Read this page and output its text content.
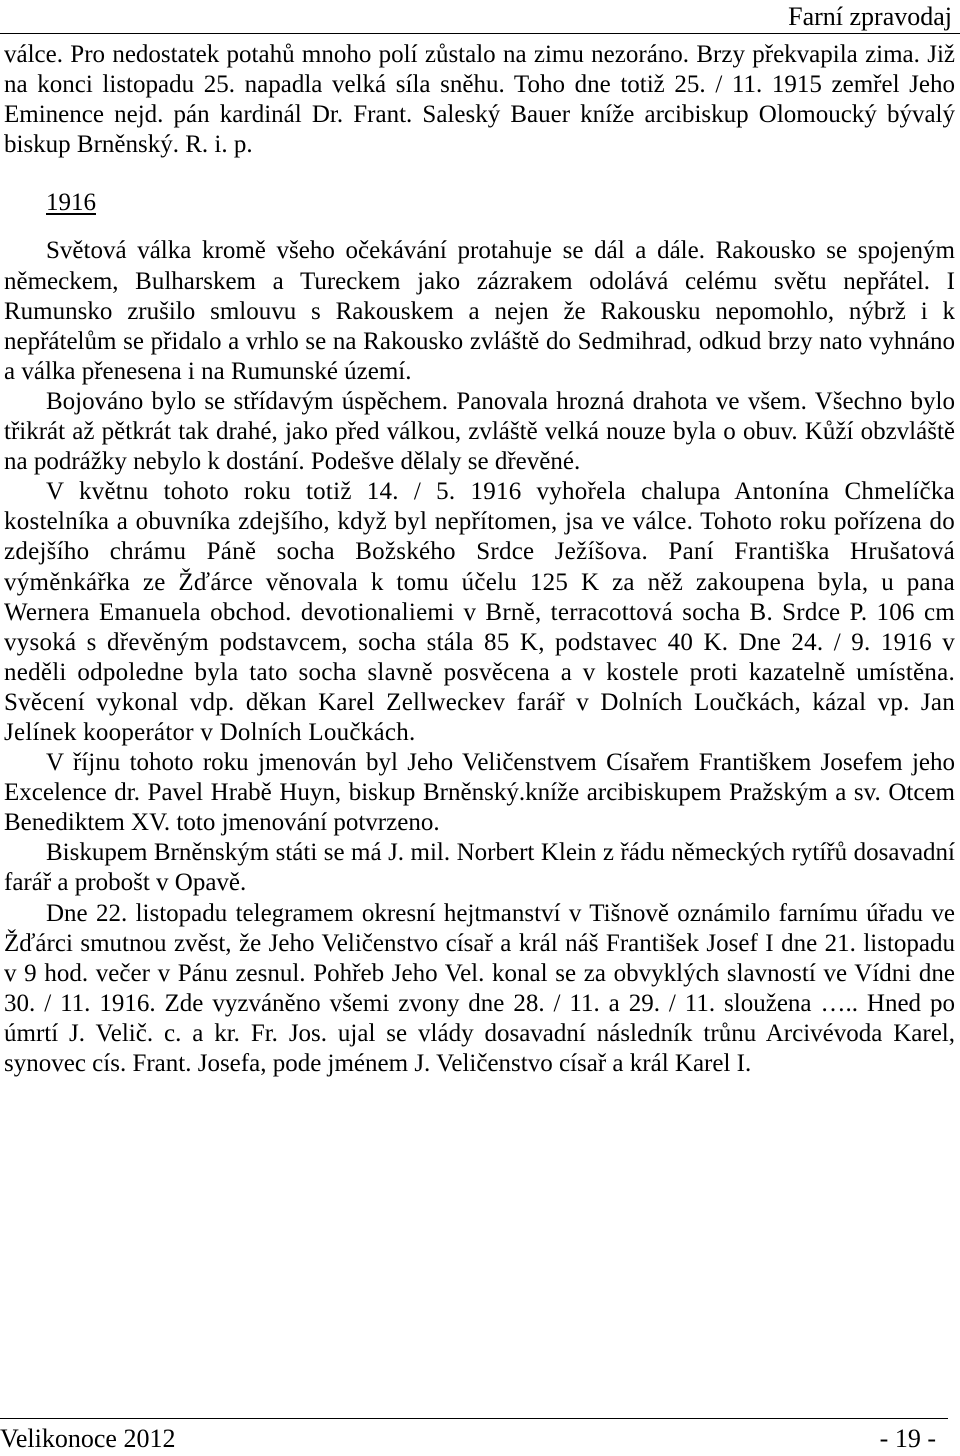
Farní zpravodaj

válce. Pro nedostatek potahů mnoho polí zůstalo na zimu nezoráno. Brzy překvapila zima. Již na konci listopadu 25. napadla velká síla sněhu. Toho dne totiž 25. / 11. 1915 zemřel Jeho Eminence nejd. pán kardinál Dr. Frant. Saleský Bauer kníže arcibiskup Olomoucký bývalý biskup Brněnský. R. i. p.

1916

Světová válka kromě všeho očekávání protahuje se dál a dále. Rakousko se spojeným německem, Bulharskem a Tureckem jako zázrakem odolává celému světu nepřátel. I Rumunsko zrušilo smlouvu s Rakouskem a nejen že Rakousku nepomohlo, nýbrž i k nepřátelům se přidalo a vrhlo se na Rakousko zvláště do Sedmihrad, odkud brzy nato vyhnáno a válka přenesena i na Rumunské území.

Bojováno bylo se střídavým úspěchem. Panovala hrozná drahota ve všem. Všechno bylo třikrát až pětkrát tak drahé, jako před válkou, zvláště velká nouze byla o obuv. Kůží obzvláště na podrážky nebylo k dostání. Podešve dělaly se dřevěné.

V květnu tohoto roku totiž 14. / 5. 1916 vyhořela chalupa Antonína Chmelíčka kostelníka a obuvníka zdejšího, když byl nepřítomen, jsa ve válce. Tohoto roku pořízena do zdejšího chrámu Páně socha Božského Srdce Ježíšova. Paní Františka Hrušatová výměnkářka ze Žďárce věnovala k tomu účelu 125 K za něž zakoupena byla, u pana Wernera Emanuela obchod. devotionaliemi v Brně, terracottová socha B. Srdce P. 106 cm vysoká s dřevěným podstavcem, socha stála 85 K, podstavec 40 K. Dne 24. / 9. 1916 v neděli odpoledne byla tato socha slavně posvěcena a v kostele proti kazatelně umístěna. Svěcení vykonal vdp. děkan Karel Zellweckev farář v Dolních Loučkách, kázal vp. Jan Jelínek kooperátor v Dolních Loučkách.

V říjnu tohoto roku jmenován byl Jeho Veličenstvem Císařem Františkem Josefem jeho Excelence dr. Pavel Hrabě Huyn, biskup Brněnský.kníže arcibiskupem Pražským a sv. Otcem Benediktem XV. toto jmenování potvrzeno.

Biskupem Brněnským státi se má J. mil. Norbert Klein z řádu německých rytířů dosavadní farář a probošt v Opavě.

Dne 22. listopadu telegramem okresní hejtmanství v Tišnově oznámilo farnímu úřadu ve Žďárci smutnou zvěst, že Jeho Veličenstvo císař a král náš František Josef I dne 21. listopadu v 9 hod. večer v Pánu zesnul. Pohřeb Jeho Vel. konal se za obvyklých slavností ve Vídni dne 30. / 11. 1916. Zde vyzváněno všemi zvony dne 28. / 11. a 29. / 11. sloužena ….. Hned po úmrtí J. Velič. c. a kr. Fr. Jos. ujal se vlády dosavadní následník trůnu Arcivévoda Karel, synovec cís. Frant. Josefa, pode jménem J. Veličenstvo císař a král Karel I.

Velikonoce 2012	- 19 -
